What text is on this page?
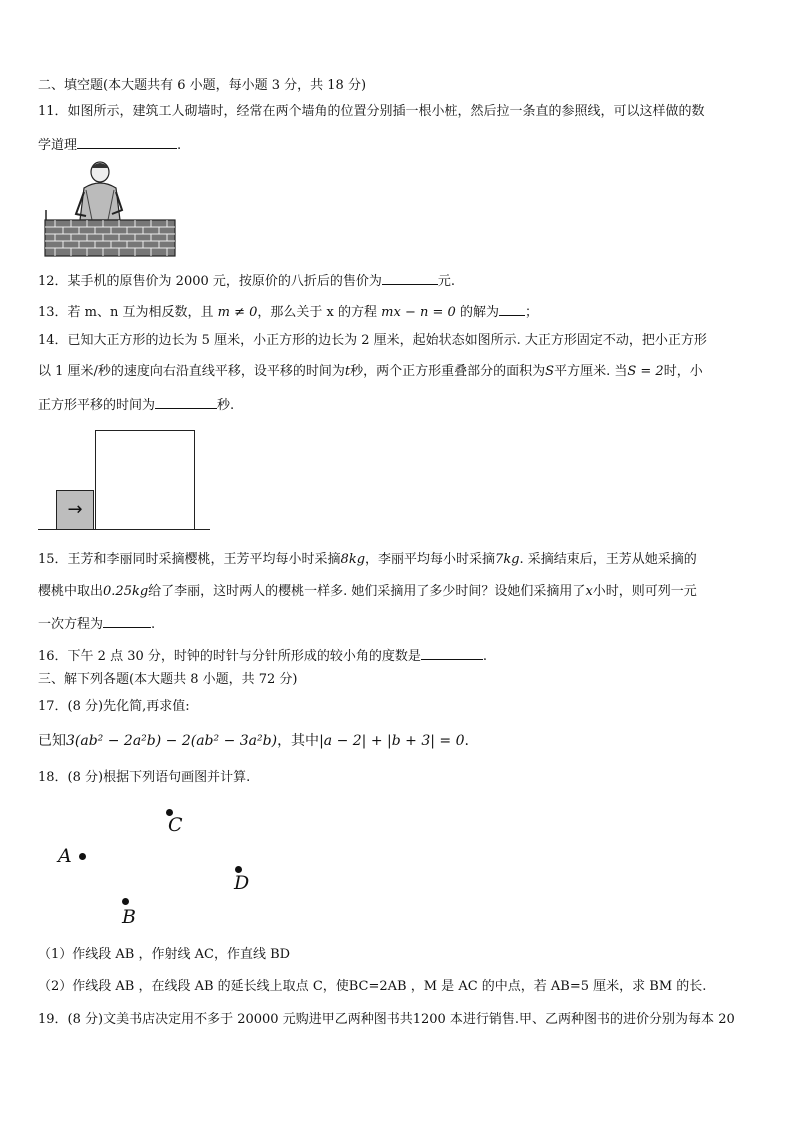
二、填空题(本大题共有 6 小题，每小题 3 分，共 18 分)
11．如图所示，建筑工人砌墙时，经常在两个墙角的位置分别插一根小桩，然后拉一条直的参照线，可以这样做的数
学道理	.
12．某手机的原售价为 2000 元，按原价的八折后的售价为	元.
13．若 m、n 互为相反数，且 m ≠ 0，那么关于 x 的方程 mx − n = 0 的解为 ；
14．已知大正方形的边长为 5 厘米，小正方形的边长为 2 厘米，起始状态如图所示. 大正方形固定不动，把小正方形
以 1 厘米/秒的速度向右沿直线平移，设平移的时间为t秒，两个正方形重叠部分的面积为S平方厘米. 当S = 2时，小
正方形平移的时间为	秒.
→
15．王芳和李丽同时采摘樱桃，王芳平均每小时采摘8kg，李丽平均每小时采摘7kg. 采摘结束后，王芳从她采摘的
樱桃中取出0.25kg给了李丽，这时两人的樱桃一样多. 她们采摘用了多少时间？设她们采摘用了x小时，则可列一元
一次方程为	.
16．下午 2 点 30 分，时钟的时针与分针所形成的较小角的度数是	.
三、解下列各题(本大题共 8 小题，共 72 分)
17．(8 分)先化简,再求值:
已知3(ab² − 2a²b) − 2(ab² − 3a²b)，其中|a − 2| + |b + 3| = 0.
18．(8 分)根据下列语句画图并计算.
C
A
D
B
（1）作线段 AB ，作射线 AC，作直线 BD
（2）作线段 AB ，在线段 AB 的延长线上取点 C，使BC=2AB ，M 是 AC 的中点，若 AB=5 厘米，求 BM 的长.
19．(8 分)文美书店决定用不多于 20000 元购进甲乙两种图书共1200 本进行销售.甲、乙两种图书的进价分别为每本 20
